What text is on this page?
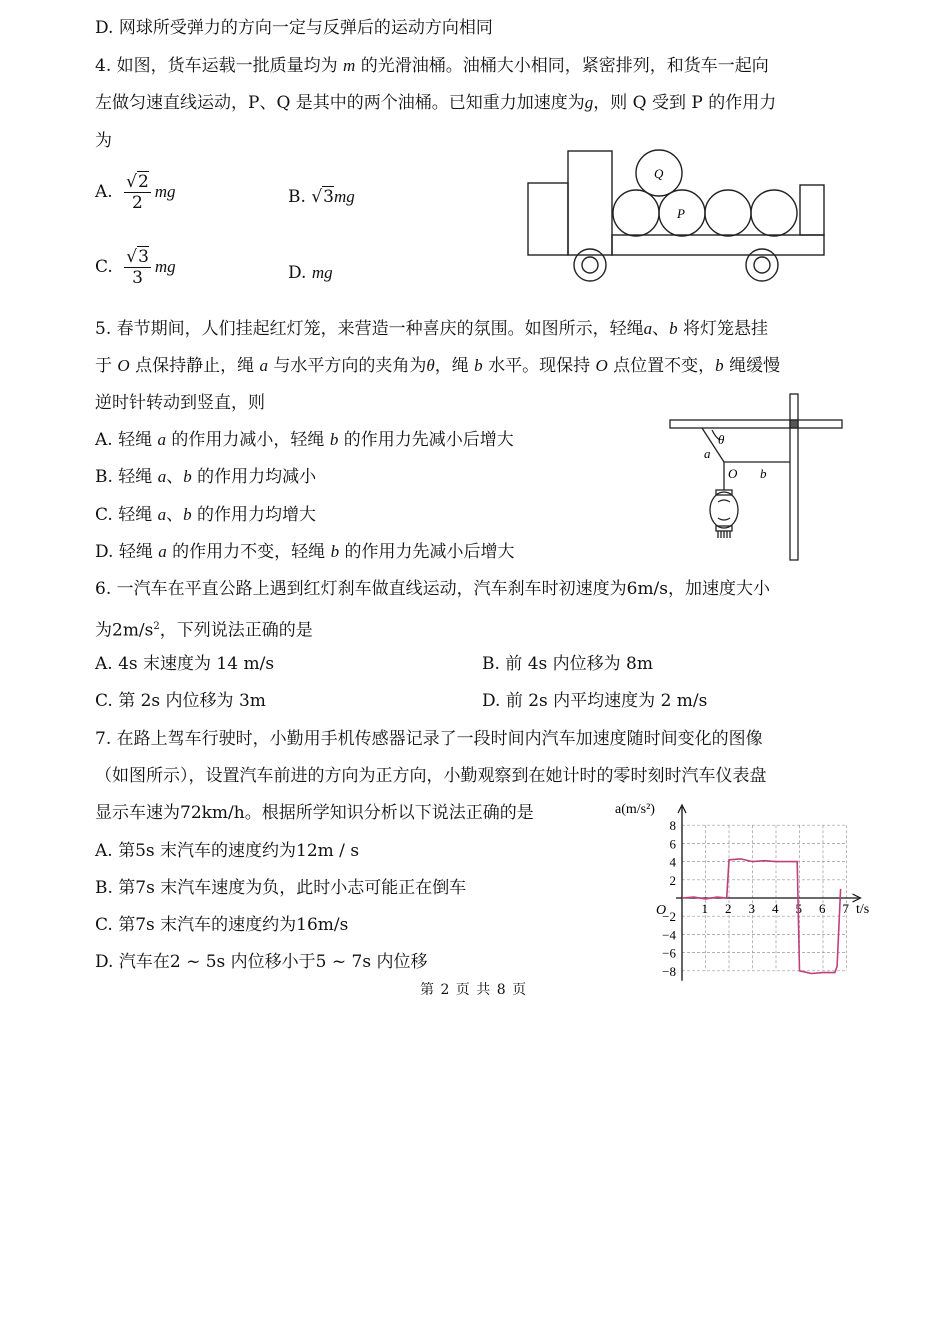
D. 网球所受弹力的方向一定与反弹后的运动方向相同
4. 如图，货车运载一批质量均为 m 的光滑油桶。油桶大小相同，紧密排列，和货车一起向
左做匀速直线运动，P、Q 是其中的两个油桶。已知重力加速度为g，则 Q 受到 P 的作用力
为
A. $\frac{√2}{2}$ mg	B. √3mg
C. $\frac{√3}{3}$ mg	D. mg
Q
P
5. 春节期间，人们挂起红灯笼，来营造一种喜庆的氛围。如图所示，轻绳a、b 将灯笼悬挂
于 O 点保持静止，绳 a 与水平方向的夹角为θ，绳 b 水平。现保持 O 点位置不变，b 绳缓慢
逆时针转动到竖直，则
A. 轻绳 a 的作用力减小，轻绳 b 的作用力先减小后增大
B. 轻绳 a、b 的作用力均减小
C. 轻绳 a、b 的作用力均增大
D. 轻绳 a 的作用力不变，轻绳 b 的作用力先减小后增大
θ
a
O b
6. 一汽车在平直公路上遇到红灯刹车做直线运动，汽车刹车时初速度为6m/s，加速度大小
为$2m/s^2$，下列说法正确的是
A. 4s 末速度为 14 m/s	B. 前 4s 内位移为 8m
C. 第 2s 内位移为 3m	D. 前 2s 内平均速度为 2 m/s
7. 在路上驾车行驶时，小勤用手机传感器记录了一段时间内汽车加速度随时间变化的图像
（如图所示），设置汽车前进的方向为正方向，小勤观察到在她计时的零时刻时汽车仪表盘
显示车速为72km/h。根据所学知识分析以下说法正确的是
A. 第5s 末汽车的速度约为12m / s
B. 第7s 末汽车速度为负，此时小志可能正在倒车
C. 第7s 末汽车的速度约为16m/s
D. 汽车在2 ~ 5s 内位移小于5 ~ 7s 内位移
1 2 3 4 5 6 7
8
6
4
2
−2
−4
−6
−8
a(m/s²)
t/s
O
第 2 页 共 8 页
